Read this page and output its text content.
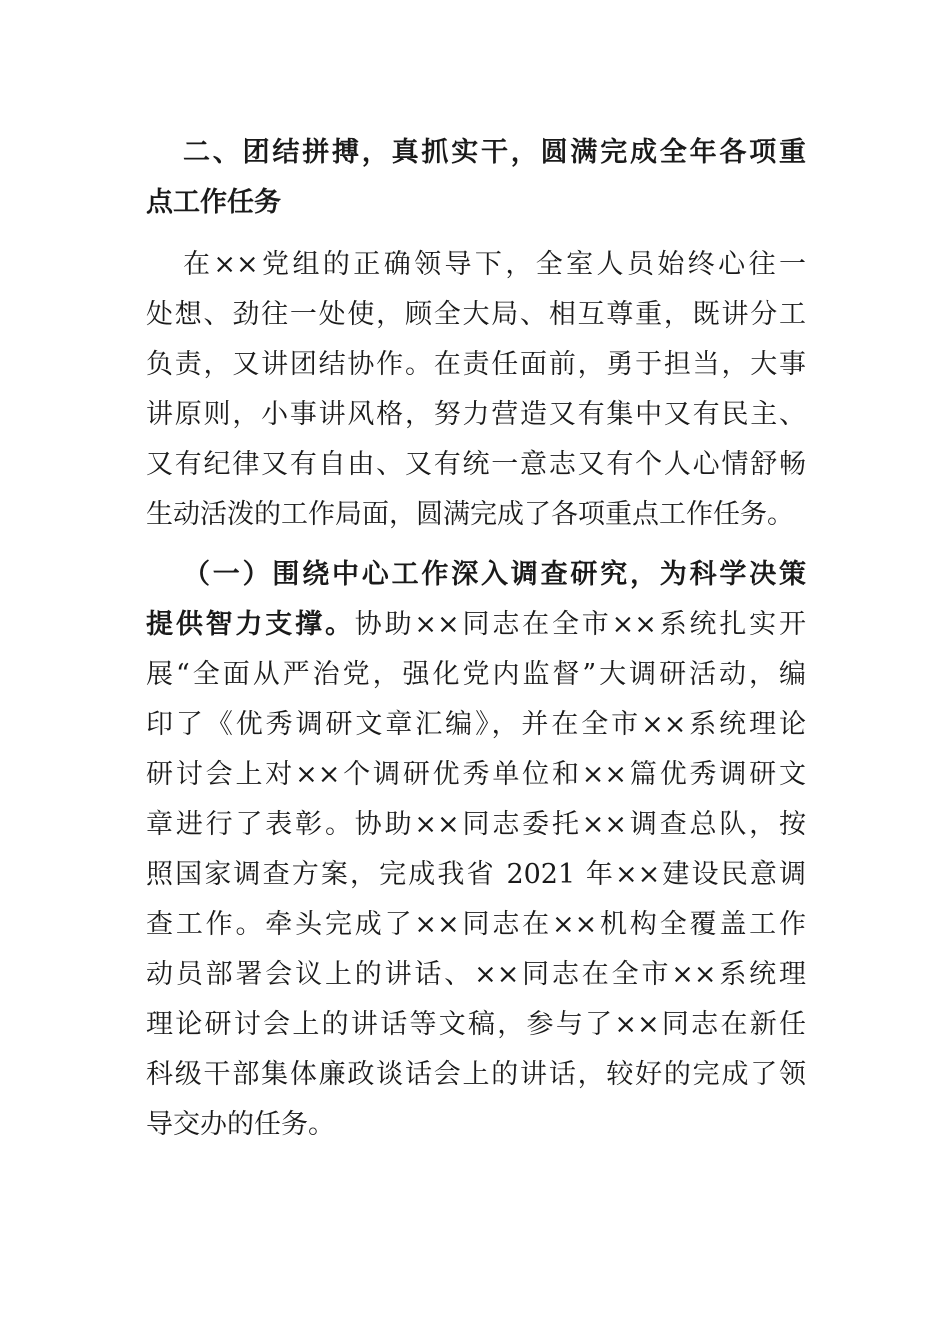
二、团结拼搏，真抓实干，圆满完成全年各项重
点工作任务
在××党组的正确领导下，全室人员始终心往一
处想、劲往一处使，顾全大局、相互尊重，既讲分工
负责，又讲团结协作。在责任面前，勇于担当，大事
讲原则，小事讲风格，努力营造又有集中又有民主、
又有纪律又有自由、又有统一意志又有个人心情舒畅
生动活泼的工作局面，圆满完成了各项重点工作任务。
（一）围绕中心工作深入调查研究，为科学决策
提供智力支撑。协助××同志在全市××系统扎实开
展“全面从严治党，强化党内监督”大调研活动，编
印了《优秀调研文章汇编》，并在全市××系统理论
研讨会上对××个调研优秀单位和××篇优秀调研文
章进行了表彰。协助××同志委托××调查总队，按
照国家调查方案，完成我省 2021 年××建设民意调
查工作。牵头完成了××同志在××机构全覆盖工作
动员部署会议上的讲话、××同志在全市××系统理
理论研讨会上的讲话等文稿，参与了××同志在新任
科级干部集体廉政谈话会上的讲话，较好的完成了领
导交办的任务。
